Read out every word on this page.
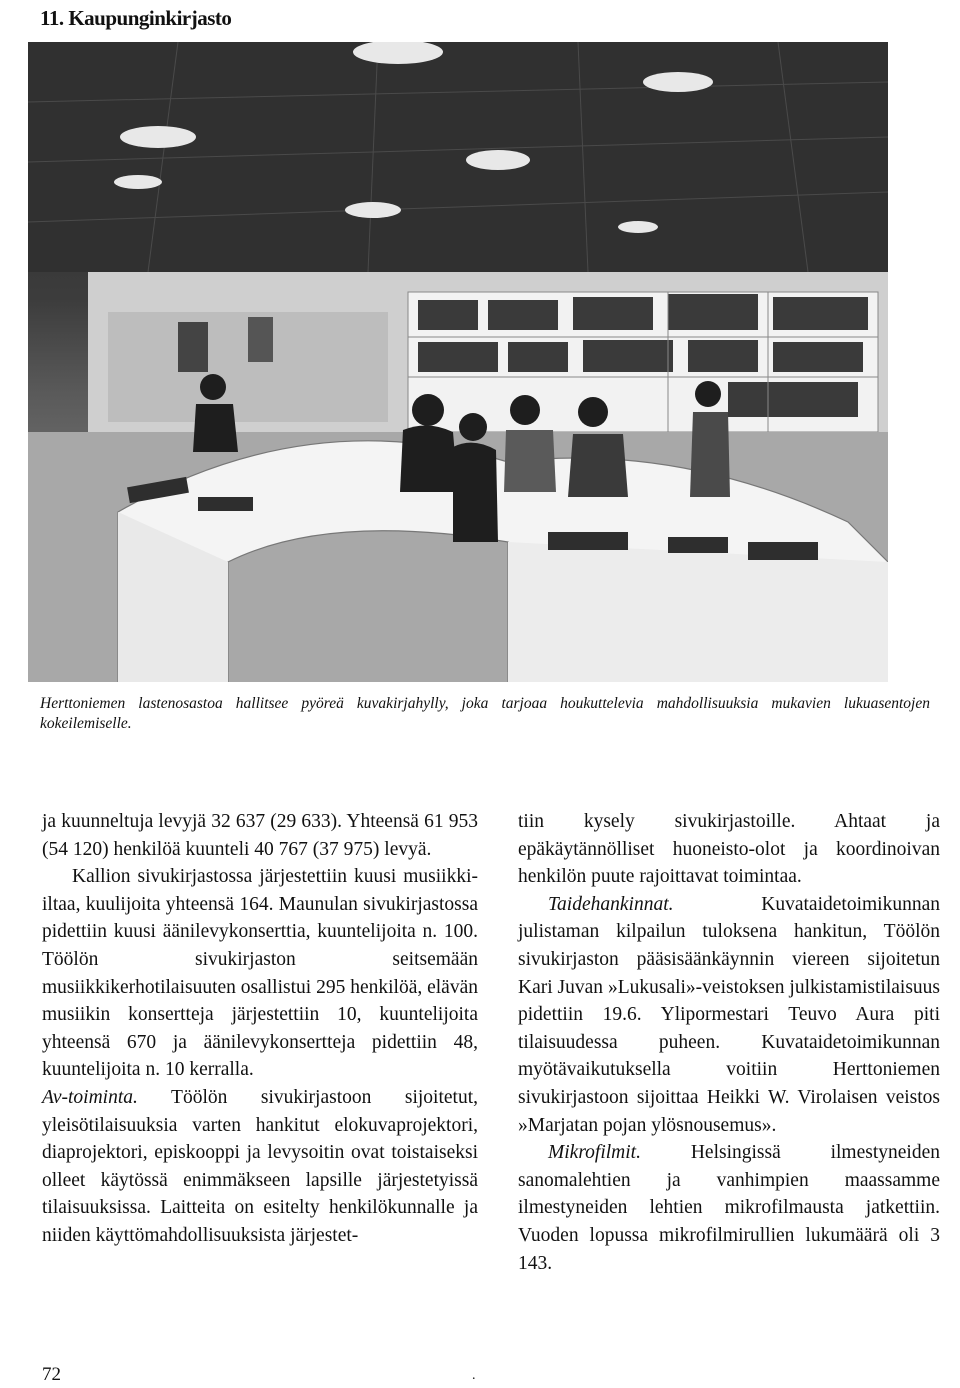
11. Kaupunginkirjasto
Herttoniemen lastenosastoa hallitsee pyöreä kuvakirjahylly, joka tarjoaa houkuttelevia mahdollisuuksia mukavien lukuasentojen kokeilemiselle.

ja kuunneltuja levyjä 32 637 (29 633). Yhteensä 61 953 (54 120) henkilöä kuunteli 40 767 (37 975) levyä.

Kallion sivukirjastossa järjestettiin kuusi musiikki-iltaa, kuulijoita yhteensä 164. Maunulan sivukirjastossa pidettiin kuusi äänilevykonserttia, kuuntelijoita n. 100. Töölön sivukirjaston seitsemään musiikkikerhotilaisuuten osallistui 295 henkilöä, elävän musiikin konsertteja järjestettiin 10, kuuntelijoita yhteensä 670 ja äänilevykonsertteja pidettiin 48, kuuntelijoita n. 10 kerralla.

Av-toiminta. Töölön sivukirjastoon sijoitetut, yleisötilaisuuksia varten hankitut elokuvaprojektori, diaprojektori, episkooppi ja levysoitin ovat toistaiseksi olleet käytössä enimmäkseen lapsille järjestetyissä tilaisuuksissa. Laitteita on esitelty henkilökunnalle ja niiden käyttömahdollisuuksista järjestet-

tiin kysely sivukirjastoille. Ahtaat ja epäkäytännölliset huoneisto-olot ja koordinoivan henkilön puute rajoittavat toimintaa.

Taidehankinnat. Kuvataidetoimikunnan julistaman kilpailun tuloksena hankitun, Töölön sivukirjaston pääsisäänkäynnin viereen sijoitetun Kari Juvan »Lukusali»-veistoksen julkistamistilaisuus pidettiin 19.6. Ylipormestari Teuvo Aura piti tilaisuudessa puheen. Kuvataidetoimikunnan myötävaikutuksella voitiin Herttoniemen sivukirjastoon sijoittaa Heikki W. Virolaisen veistos »Marjatan pojan ylösnousemus».

Mikrofilmit. Helsingissä ilmestyneiden sanomalehtien ja vanhimpien maassamme ilmestyneiden lehtien mikrofilmausta jatkettiin. Vuoden lopussa mikrofilmirullien lukumäärä oli 3 143.

72	.
